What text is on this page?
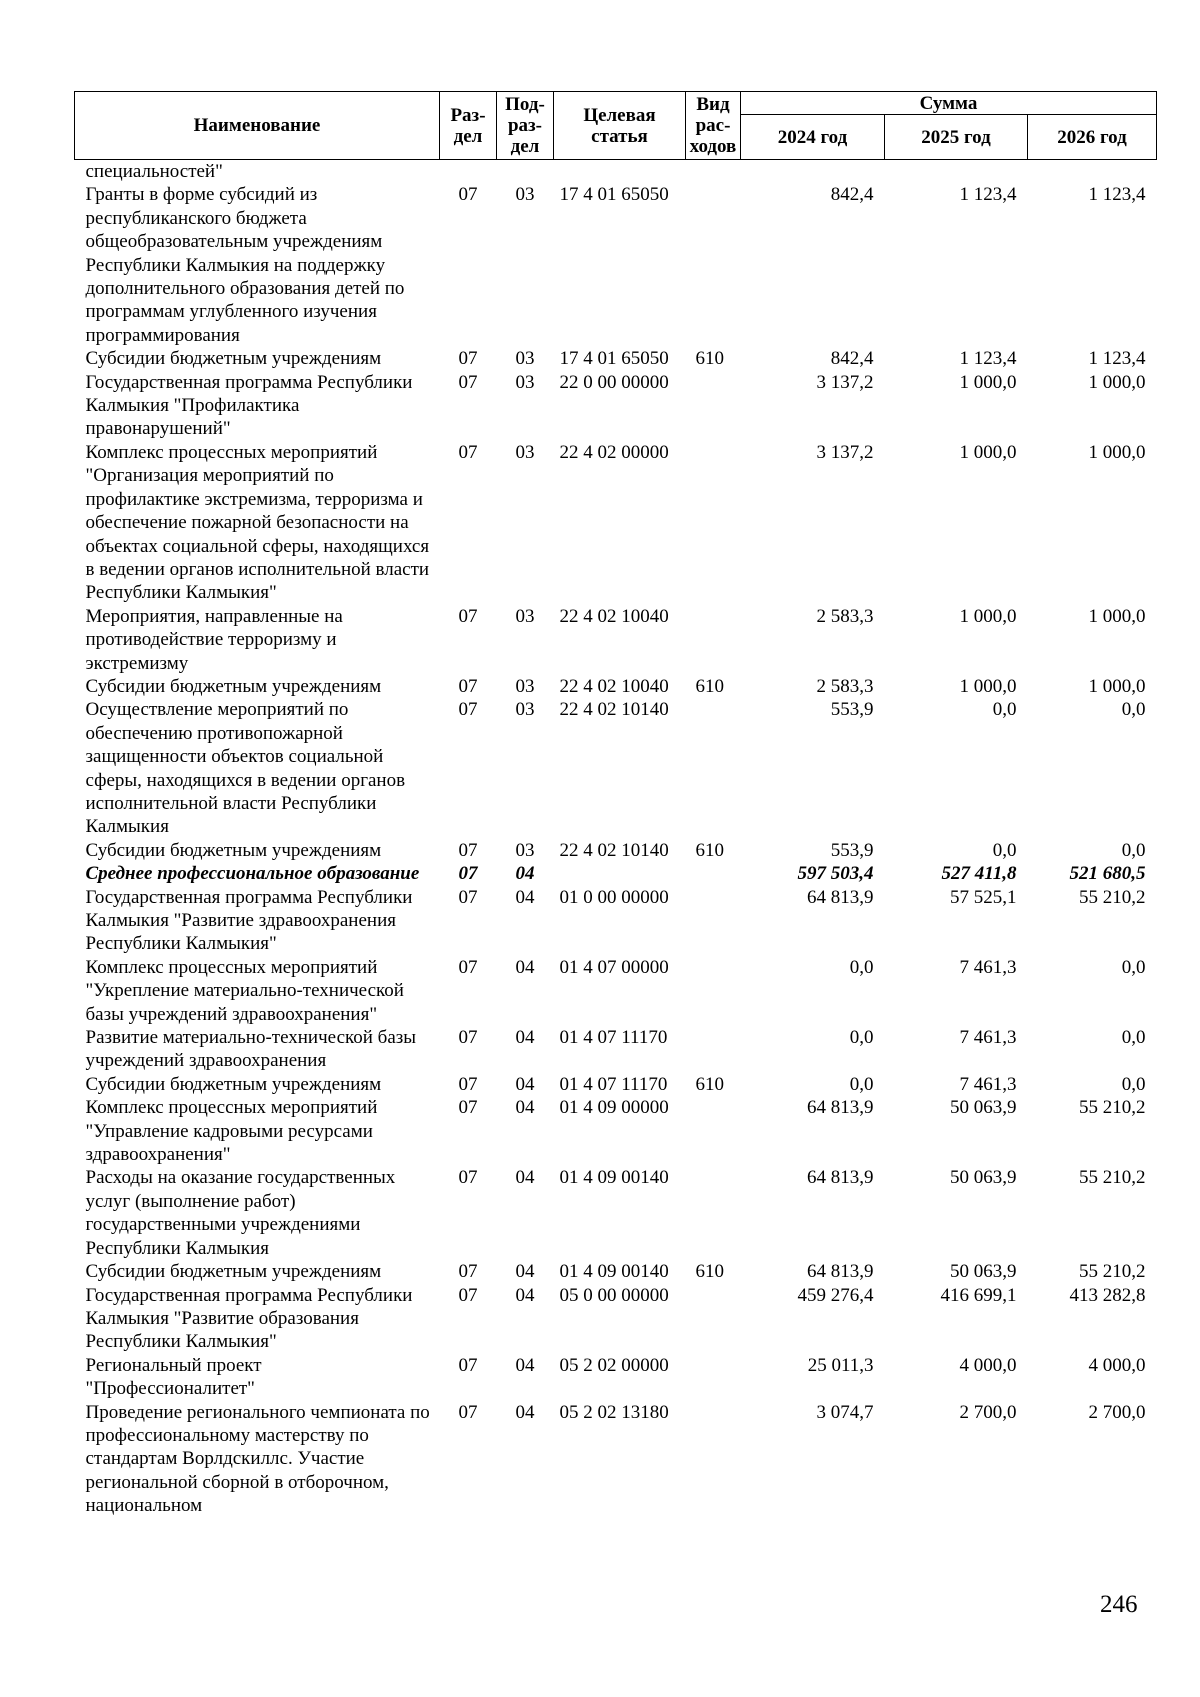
Наименование	Раз- дел	Под- раз- дел	Целевая статья	Вид рас- ходов	Сумма		
					2024 год	2025 год	2026 год
специальностей"							
Гранты в форме субсидий из республиканского бюджета общеобразовательным учреждениям Республики Калмыкия на поддержку дополнительного образования детей по программам углубленного изучения программирования	07	03	17 4 01 65050		842,4	1 123,4	1 123,4
Субсидии бюджетным учреждениям	07	03	17 4 01 65050	610	842,4	1 123,4	1 123,4
Государственная программа Республики Калмыкия "Профилактика правонарушений"	07	03	22 0 00 00000		3 137,2	1 000,0	1 000,0
Комплекс процессных мероприятий "Организация мероприятий по профилактике экстремизма, терроризма и обеспечение пожарной безопасности на объектах социальной сферы, находящихся в ведении органов исполнительной власти Республики Калмыкия"	07	03	22 4 02 00000		3 137,2	1 000,0	1 000,0
Мероприятия, направленные на противодействие терроризму и экстремизму	07	03	22 4 02 10040		2 583,3	1 000,0	1 000,0
Субсидии бюджетным учреждениям	07	03	22 4 02 10040	610	2 583,3	1 000,0	1 000,0
Осуществление мероприятий по обеспечению противопожарной защищенности объектов социальной сферы, находящихся в ведении органов исполнительной власти Республики Калмыкия	07	03	22 4 02 10140		553,9	0,0	0,0
Субсидии бюджетным учреждениям	07	03	22 4 02 10140	610	553,9	0,0	0,0
Среднее профессиональное образование	07	04			597 503,4	527 411,8	521 680,5
Государственная программа Республики Калмыкия "Развитие здравоохранения Республики Калмыкия"	07	04	01 0 00 00000		64 813,9	57 525,1	55 210,2
Комплекс процессных мероприятий "Укрепление материально-технической базы учреждений здравоохранения"	07	04	01 4 07 00000		0,0	7 461,3	0,0
Развитие материально-технической базы учреждений здравоохранения	07	04	01 4 07 11170		0,0	7 461,3	0,0
Субсидии бюджетным учреждениям	07	04	01 4 07 11170	610	0,0	7 461,3	0,0
Комплекс процессных мероприятий "Управление кадровыми ресурсами здравоохранения"	07	04	01 4 09 00000		64 813,9	50 063,9	55 210,2
Расходы на оказание государственных услуг (выполнение работ) государственными учреждениями Республики Калмыкия	07	04	01 4 09 00140		64 813,9	50 063,9	55 210,2
Субсидии бюджетным учреждениям	07	04	01 4 09 00140	610	64 813,9	50 063,9	55 210,2
Государственная программа Республики Калмыкия "Развитие образования Республики Калмыкия"	07	04	05 0 00 00000		459 276,4	416 699,1	413 282,8
Региональный проект "Профессионалитет"	07	04	05 2 02 00000		25 011,3	4 000,0	4 000,0
Проведение регионального чемпионата по профессиональному мастерству по стандартам Ворлдскиллс. Участие региональной сборной в отборочном, национальном	07	04	05 2 02 13180		3 074,7	2 700,0	2 700,0
246
